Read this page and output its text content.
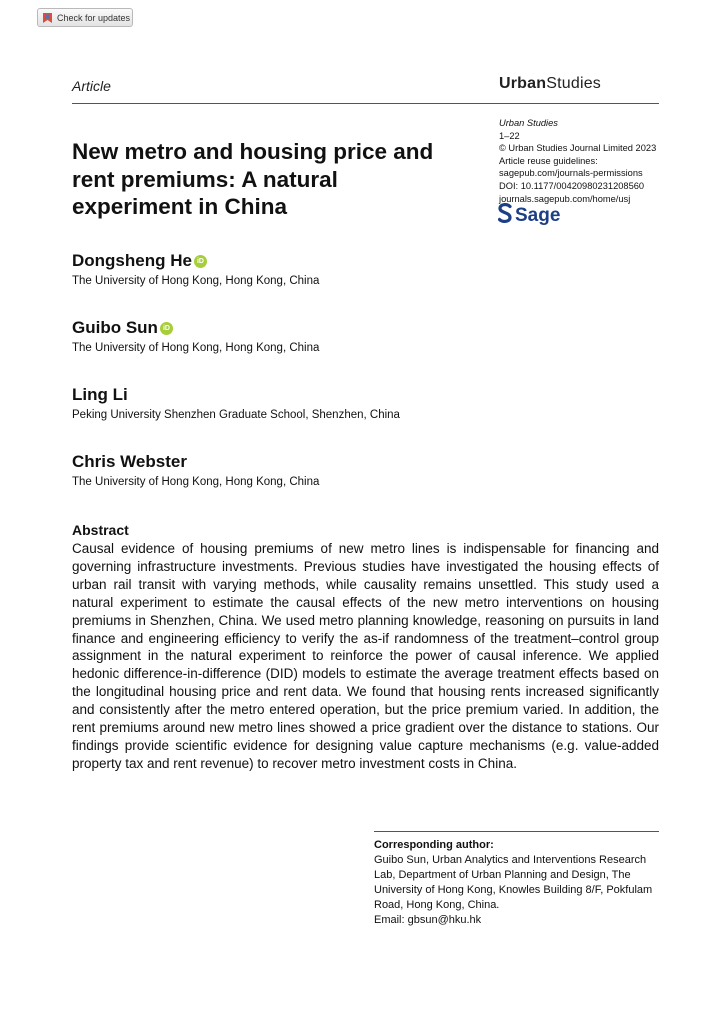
Check for updates
Article	UrbanStudies
Urban Studies
1–22
© Urban Studies Journal Limited 2023
Article reuse guidelines:
sagepub.com/journals-permissions
DOI: 10.1177/00420980231208560
journals.sagepub.com/home/usj
Sage
New metro and housing price and rent premiums: A natural experiment in China
Dongsheng He iD
The University of Hong Kong, Hong Kong, China
Guibo Sun iD
The University of Hong Kong, Hong Kong, China
Ling Li
Peking University Shenzhen Graduate School, Shenzhen, China
Chris Webster
The University of Hong Kong, Hong Kong, China
Abstract

Causal evidence of housing premiums of new metro lines is indispensable for financing and governing infrastructure investments. Previous studies have investigated the housing effects of urban rail transit with varying methods, while causality remains unsettled. This study used a natural experiment to estimate the causal effects of the new metro interventions on housing premiums in Shenzhen, China. We used metro planning knowledge, reasoning on pursuits in land finance and engineering efficiency to verify the as-if randomness of the treatment–control group assignment in the natural experiment to reinforce the power of causal inference. We applied hedonic difference-in-difference (DID) models to estimate the average treatment effects based on the longitudinal housing price and rent data. We found that housing rents increased significantly and consistently after the metro entered operation, but the price premium varied. In addition, the rent premiums around new metro lines showed a price gradient over the distance to stations. Our findings provide scientific evidence for designing value capture mechanisms (e.g. value-added property tax and rent revenue) to recover metro investment costs in China.

Corresponding author:
Guibo Sun, Urban Analytics and Interventions Research
Lab, Department of Urban Planning and Design, The
University of Hong Kong, Knowles Building 8/F, Pokfulam
Road, Hong Kong, China.
Email: gbsun@hku.hk
